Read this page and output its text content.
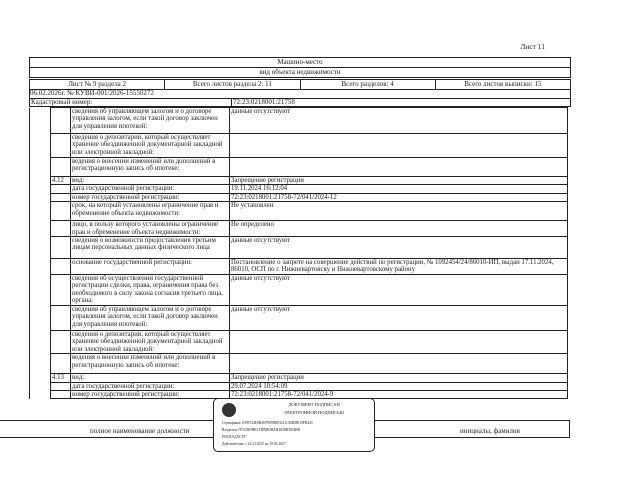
Лист 11
Машино-место
вид объекта недвижимости
Лист № 9 раздела 2	Всего листов раздела 2: 11	Всего разделов: 4	Всего листов выписки: 15
06.02.2026г. № КУВИ-001/2026-15550272
Кадастровый номер:	72:23:0218001:21758
		сведения об управляющем залогом и о договоре управления залогом, если такой договор заключен для управления ипотекой:	данные отсутствуют
		сведения о депозитарии, который осуществляет хранение обездвиженной документарной закладной или электронной закладной:	
		ведения о внесении изменений или дополнений в регистрационную запись об ипотеке:	
	4.12	вид:	Запрещение регистрации
		дата государственной регистрации:	19.11.2024 16:12:04
		номер государственной регистрации:	72:23:0218001:21758-72/041/2024-12
		срок, на который установлены ограничение прав и обременение объекта недвижимости:	Не установлен
		лицо, в пользу которого установлены ограничение прав и обременение объекта недвижимости:	Не определено
		сведения о возможности предоставления третьим лицам персональных данных физического лица	данные отсутствуют
		основание государственной регистрации:	Постановление о запрете на совершение действий по регистрации, № 1092454/24/86010-ИП, выдан 17.11.2024, 86010, ОСП по г. Нижневартовску и Нижневартовскому району
		сведения об осуществлении государственной регистрации сделки, права, ограничения права без необходимого в силу закона согласия третьего лица, органа:	данные отсутствуют
		сведения об управляющем залогом и о договоре управления залогом, если такой договор заключен для управления ипотекой:	данные отсутствуют
		сведения о депозитарии, который осуществляет хранение обездвиженной документарной закладной или электронной закладной:	
		ведения о внесении изменений или дополнений в регистрационную запись об ипотеке:	
	4.13	вид:	Запрещение регистрации
		дата государственной регистрации:	29.07.2024 10:54:09
		номер государственной регистрации:	72:23:0218001:21758-72/041/2024-9
полное наименование должности	инициалы, фамилия
ДОКУМЕНТ ПОДПИСАН
ЭЛЕКТРОННОЙ ПОДПИСЬЮ
Сертификат: 0399744E0B467999880032111304B8019FB443
Владелец: ПУБЛИЧНО-ПРАВОВАЯ КОМПАНИЯ
РОСКАДАСТР
Действителен: с 24.12.2025 по 19.03.2027
